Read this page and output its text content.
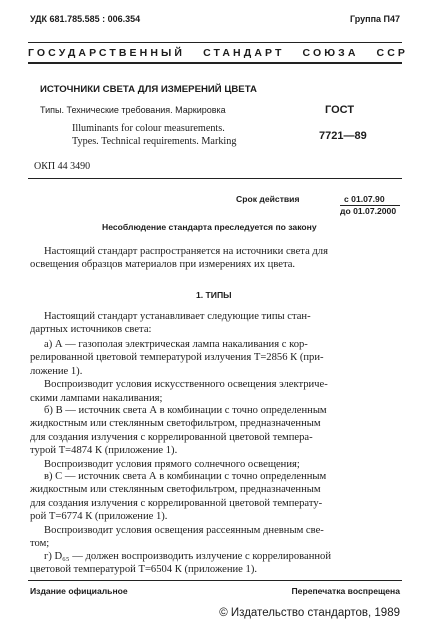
УДК 681.785.585 : 006.354	Группа П47
ГОСУДАРСТВЕННЫЙ   СТАНДАРТ   СОЮЗА   ССР
ИСТОЧНИКИ СВЕТА ДЛЯ ИЗМЕРЕНИЙ ЦВЕТА
Типы. Технические требования. Маркировка
Illuminants for colour measurements.
Types. Technical requirements. Marking
ГОСТ
7721—89
ОКП 44 3490
Срок действия	с 01.07.90
до 01.07.2000
Несоблюдение стандарта преследуется по закону
Настоящий стандарт распространяется на источники света для
освещения образцов материалов при измерениях их цвета.
1. ТИПЫ
Настоящий стандарт устанавливает следующие типы стан-
дартных источников света:
а) А — газополая электрическая лампа накаливания с кор-
релированной цветовой температурой излучения T=2856 К (при-
ложение 1).
Воспроизводит условия искусственного освещения электриче-
скими лампами накаливания;
б) В — источник света А в комбинации с точно определенным
жидкостным или стеклянным светофильтром, предназначенным
для создания излучения с коррелированной цветовой темпера-
турой T=4874 К (приложение 1).
Воспроизводит условия прямого солнечного освещения;
в) С — источник света А в комбинации с точно определенным
жидкостным или стеклянным светофильтром, предназначенным
для создания излучения с коррелированной цветовой температу-
рой T=6774 К (приложение 1).
Воспроизводит условия освещения рассеянным дневным све-
том;
г) D₆₅ — должен воспроизводить излучение с коррелированной
цветовой температурой T=6504 К (приложение 1).
Издание официальное	Перепечатка воспрещена
© Издательство стандартов, 1989
